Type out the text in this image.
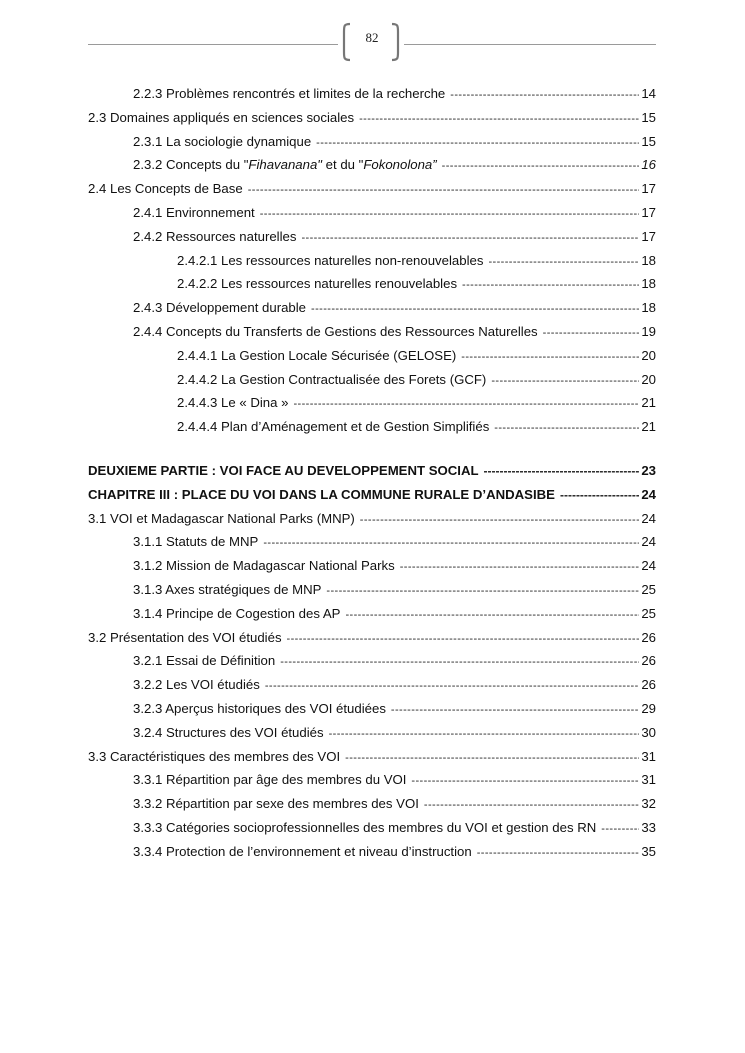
82
2.2.3 Problèmes rencontrés et limites de la recherche -----	14
2.3 Domaines appliqués en sciences sociales -----	15
2.3.1 La sociologie dynamique -----	15
2.3.2 Concepts du "Fihavanana" et du "Fokonolona” -----	16
2.4 Les Concepts de Base -----	17
2.4.1 Environnement -----	17
2.4.2 Ressources naturelles -----	17
2.4.2.1 Les ressources naturelles non-renouvelables -----	18
2.4.2.2 Les ressources naturelles renouvelables -----	18
2.4.3 Développement durable -----	18
2.4.4 Concepts du Transferts de Gestions des Ressources Naturelles -----	19
2.4.4.1 La Gestion Locale Sécurisée (GELOSE) -----	20
2.4.4.2 La Gestion Contractualisée des Forets (GCF) -----	20
2.4.4.3 Le « Dina » -----	21
2.4.4.4 Plan d’Aménagement et de Gestion Simplifiés -----	21
DEUXIEME PARTIE : VOI FACE AU DEVELOPPEMENT SOCIAL -----	23
CHAPITRE III : PLACE DU VOI DANS LA COMMUNE RURALE D’ANDASIBE -----	24
3.1 VOI et Madagascar National Parks (MNP) -----	24
3.1.1 Statuts de MNP -----	24
3.1.2 Mission de Madagascar National Parks -----	24
3.1.3 Axes stratégiques de MNP -----	25
3.1.4 Principe de Cogestion des AP -----	25
3.2 Présentation des VOI étudiés -----	26
3.2.1 Essai de Définition -----	26
3.2.2 Les VOI étudiés -----	26
3.2.3 Aperçus historiques des VOI étudiées -----	29
3.2.4 Structures des VOI étudiés -----	30
3.3 Caractéristiques des membres des VOI -----	31
3.3.1 Répartition par âge des membres du VOI -----	31
3.3.2 Répartition par sexe des membres des VOI -----	32
3.3.3 Catégories socioprofessionnelles des membres du VOI et gestion des RN -----	33
3.3.4 Protection de l’environnement et niveau d’instruction -----	35
